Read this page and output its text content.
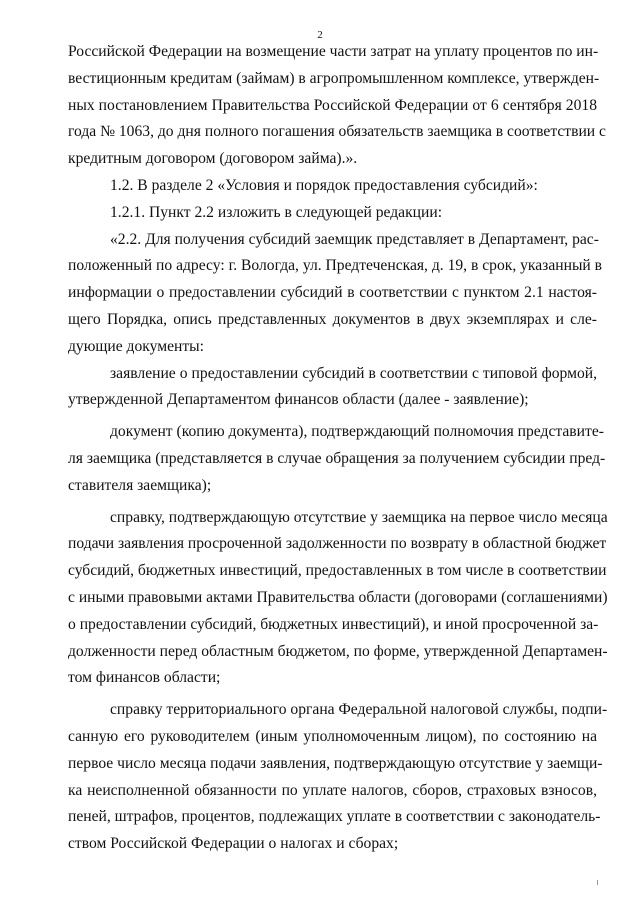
2
Российской Федерации на возмещение части затрат на уплату процентов по ин-
вестиционным кредитам (займам) в агропромышленном комплексе, утвержден-
ных постановлением Правительства Российской Федерации от 6 сентября 2018
года № 1063, до дня полного погашения обязательств заемщика в соответствии с
кредитным договором (договором займа).».
1.2. В разделе 2 «Условия и порядок предоставления субсидий»:
1.2.1. Пункт 2.2 изложить в следующей редакции:
«2.2. Для получения субсидий заемщик представляет в Департамент, рас-
положенный по адресу: г. Вологда, ул. Предтеченская, д. 19, в срок, указанный в
информации о предоставлении субсидий в соответствии с пунктом 2.1 настоя-
щего Порядка, опись представленных документов в двух экземплярах и сле-
дующие документы:
заявление о предоставлении субсидий в соответствии с типовой формой,
утвержденной Департаментом финансов области (далее - заявление);
документ (копию документа), подтверждающий полномочия представите-
ля заемщика (представляется в случае обращения за получением субсидии пред-
ставителя заемщика);
справку, подтверждающую отсутствие у заемщика на первое число месяца
подачи заявления просроченной задолженности по возврату в областной бюджет
субсидий, бюджетных инвестиций, предоставленных в том числе в соответствии
с иными правовыми актами Правительства области (договорами (соглашениями)
о предоставлении субсидий, бюджетных инвестиций), и иной просроченной за-
долженности перед областным бюджетом, по форме, утвержденной Департамен-
том финансов области;
справку территориального органа Федеральной налоговой службы, подпи-
санную его руководителем (иным уполномоченным лицом), по состоянию на
первое число месяца подачи заявления, подтверждающую отсутствие у заемщи-
ка неисполненной обязанности по уплате налогов, сборов, страховых взносов,
пеней, штрафов, процентов, подлежащих уплате в соответствии с законодатель-
ством Российской Федерации о налогах и сборах;
